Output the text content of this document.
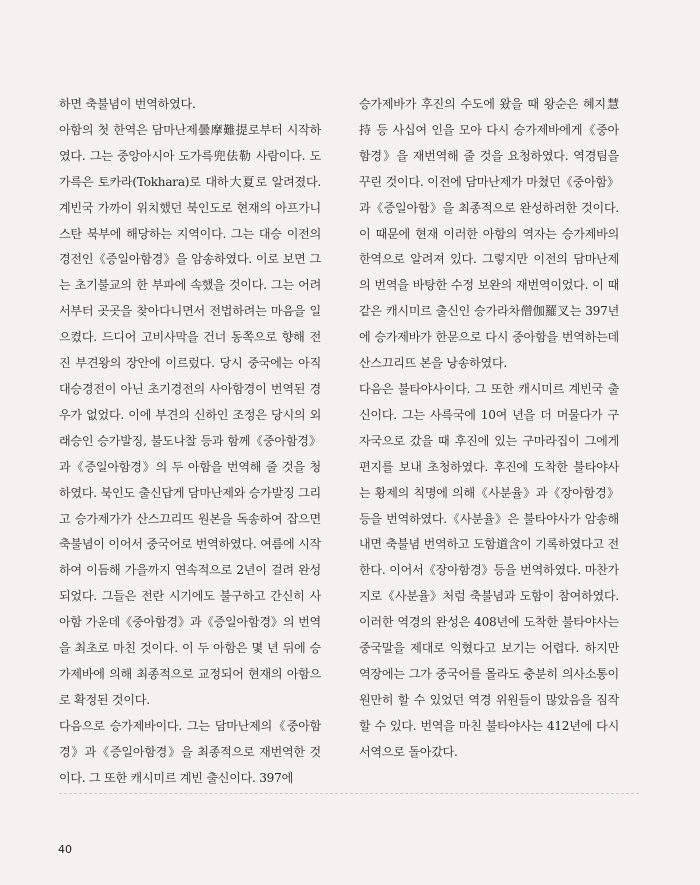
하면 축불념이 번역하였다.

아함의 첫 한역은 담마난제曇摩難提로부터 시작하였다. 그는 중앙아시아 도가륵兜佉勒 사람이다. 도가륵은 토카라(Tokhara)로 대하大夏로 알려졌다. 계빈국 가까이 위치했던 북인도로 현재의 아프가니스탄 북부에 해당하는 지역이다. 그는 대승 이전의 경전인《증일아함경》을 암송하였다. 이로 보면 그는 초기불교의 한 부파에 속했을 것이다. 그는 어려서부터 곳곳을 찾아다니면서 전법하려는 마음을 일으켰다. 드디어 고비사막을 건너 동쪽으로 향해 전진 부견왕의 장안에 이르렀다. 당시 중국에는 아직 대승경전이 아닌 초기경전의 사아함경이 번역된 경우가 없었다. 이에 부견의 신하인 조정은 당시의 외래승인 승가발징, 불도나찰 등과 함께《중아함경》과《증일아함경》의 두 아함을 번역해 줄 것을 청하였다. 북인도 출신답게 담마난제와 승가발징 그리고 승가제가가 산스끄리뜨 원본을 독송하여 잡으면 축불념이 이어서 중국어로 번역하였다. 여름에 시작하여 이듬해 가을까지 연속적으로 2년이 걸려 완성되었다. 그들은 전란 시기에도 불구하고 간신히 사아함 가운데《중아함경》과《증일아함경》의 번역을 최초로 마친 것이다. 이 두 아함은 몇 년 뒤에 승가제바에 의해 최종적으로 교정되어 현재의 아함으로 확정된 것이다.

다음으로 승가제바이다. 그는 담마난제의《중아함경》과《증일아함경》을 최종적으로 재번역한 것이다. 그 또한 캐시미르 계빈 출신이다. 397에

승가제바가 후진의 수도에 왔을 때 왕순은 혜지慧持 등 사십여 인을 모아 다시 승가제바에게《중아함경》을 재번역해 줄 것을 요청하였다. 역경팀을 꾸린 것이다. 이전에 담마난제가 마쳤던《중아함》과《증일아함》을 최종적으로 완성하려한 것이다. 이 때문에 현재 이러한 아함의 역자는 승가제바의 한역으로 알려져 있다. 그렇지만 이전의 담마난제의 번역을 바탕한 수정 보완의 재번역이었다. 이 때 같은 캐시미르 출신인 승가라차僧伽羅叉는 397년에 승가제바가 한문으로 다시 중아함을 번역하는데 산스끄리뜨 본을 낭송하였다.

다음은 불타야사이다. 그 또한 캐시미르 계빈국 출신이다. 그는 사륵국에 10여 년을 더 머물다가 구자국으로 갔을 때 후진에 있는 구마라집이 그에게 편지를 보내 초청하였다. 후진에 도착한 불타야사는 황제의 칙명에 의해《사분율》과《장아함경》등을 번역하였다.《사분율》은 불타야사가 암송해 내면 축불념 번역하고 도함道含이 기록하였다고 전한다. 이어서《장아함경》등을 번역하였다. 마찬가지로《사분율》처럼 축불념과 도함이 참여하였다. 이러한 역경의 완성은 408년에 도착한 불타야사는 중국말을 제대로 익혔다고 보기는 어렵다. 하지만 역장에는 그가 중국어를 몰라도 충분히 의사소통이 원만히 할 수 있었던 역경 위원들이 많았음을 짐작할 수 있다. 번역을 마친 불타야사는 412년에 다시 서역으로 돌아갔다.

40
